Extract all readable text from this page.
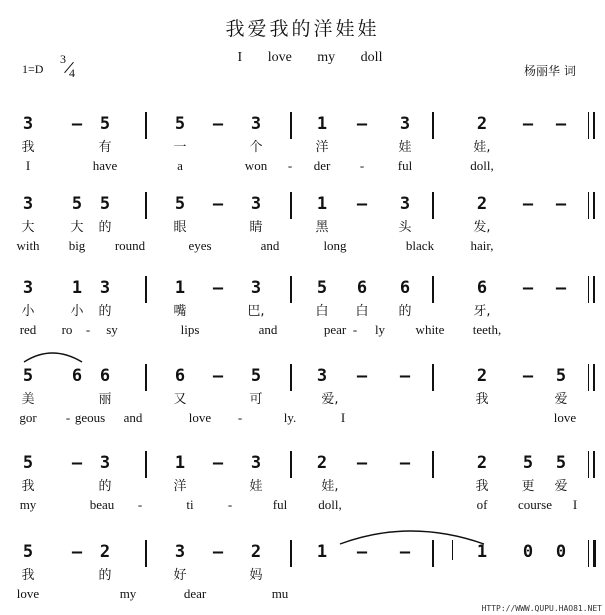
我爱我的洋娃娃
I love my doll
1=D
3
4	杨丽华 词
3 – 5	5 – 3	1 – 3	2 – –
我	有	一	个	洋	娃	娃,
I	have	a	won - der -	ful	doll,
3 5 5	5 – 3	1 – 3	2 – –
大	大 的	眼	睛	黑	头	发,
with big round	eyes	and	long	black	hair,
3 1 3	1 – 3	5 6 6	6 – –
小	小 的	嘴	巴,	白 白 的	牙,
red ro - sy	lips	and	pear - ly white teeth,
5 6 6	6 – 5	3 – –	2 – 5
美	丽	又	可	爱,	我	爱
gor - geous and	love -	ly.	I	love
5 – 3	1 – 3	2 – –	2 5 5
我	的	洋	娃	娃,	我	更 爱
my	beau -	ti	-	ful doll,	of course I
5 – 2	3 – 2	1 – –	1 0 0
我	的	好	妈
love	my	dear	mu
HTTP://WWW.QUPU.HAO81.NET
